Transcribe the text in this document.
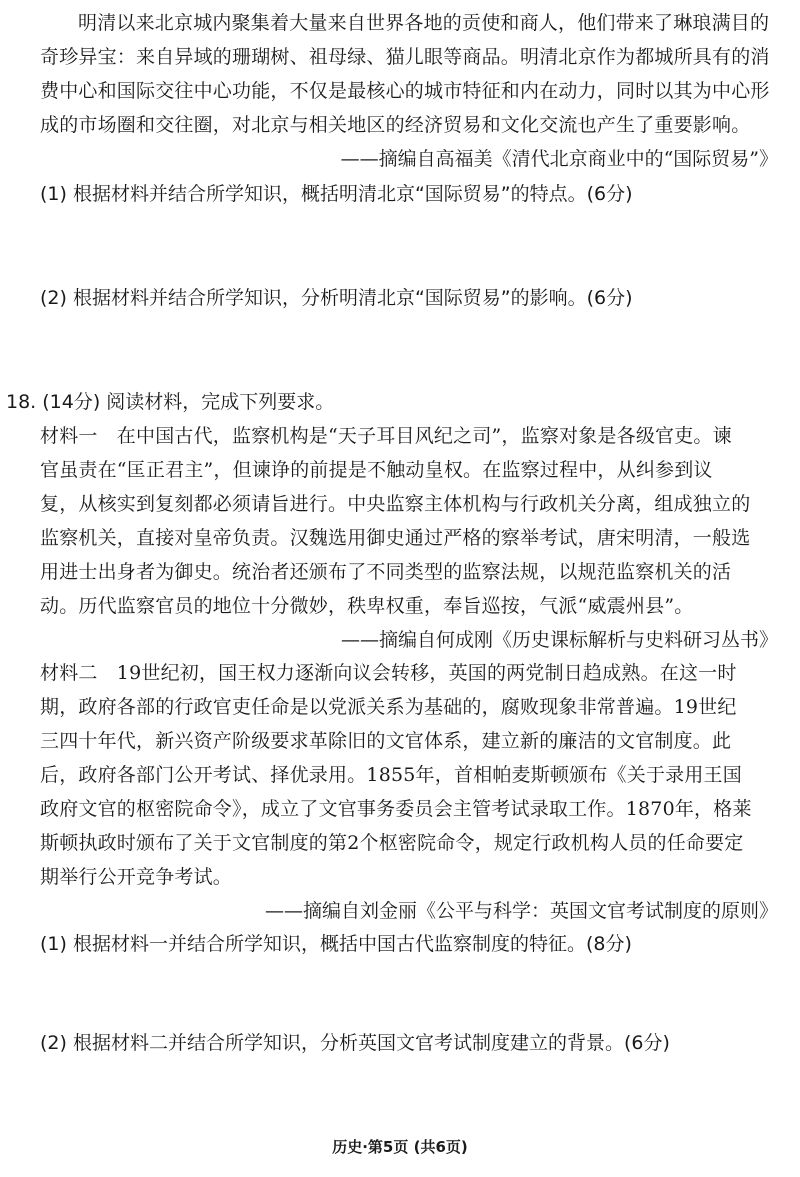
明清以来北京城内聚集着大量来自世界各地的贡使和商人，他们带来了琳琅满目的
奇珍异宝：来自异域的珊瑚树、祖母绿、猫儿眼等商品。明清北京作为都城所具有的消
费中心和国际交往中心功能，不仅是最核心的城市特征和内在动力，同时以其为中心形
成的市场圈和交往圈，对北京与相关地区的经济贸易和文化交流也产生了重要影响。
——摘编自高福美《清代北京商业中的“国际贸易”》
(1) 根据材料并结合所学知识，概括明清北京“国际贸易”的特点。(6分)
(2) 根据材料并结合所学知识，分析明清北京“国际贸易”的影响。(6分)
18. (14分) 阅读材料，完成下列要求。
材料一　在中国古代，监察机构是“天子耳目风纪之司”，监察对象是各级官吏。谏
官虽责在“匡正君主”，但谏诤的前提是不触动皇权。在监察过程中，从纠参到议
复，从核实到复刻都必须请旨进行。中央监察主体机构与行政机关分离，组成独立的
监察机关，直接对皇帝负责。汉魏选用御史通过严格的察举考试，唐宋明清，一般选
用进士出身者为御史。统治者还颁布了不同类型的监察法规，以规范监察机关的活
动。历代监察官员的地位十分微妙，秩卑权重，奉旨巡按，气派“威震州县”。
——摘编自何成刚《历史课标解析与史料研习丛书》
材料二　19世纪初，国王权力逐渐向议会转移，英国的两党制日趋成熟。在这一时
期，政府各部的行政官吏任命是以党派关系为基础的，腐败现象非常普遍。19世纪
三四十年代，新兴资产阶级要求革除旧的文官体系，建立新的廉洁的文官制度。此
后，政府各部门公开考试、择优录用。1855年，首相帕麦斯顿颁布《关于录用王国
政府文官的枢密院命令》，成立了文官事务委员会主管考试录取工作。1870年，格莱
斯顿执政时颁布了关于文官制度的第2个枢密院命令，规定行政机构人员的任命要定
期举行公开竞争考试。
——摘编自刘金丽《公平与科学：英国文官考试制度的原则》
(1) 根据材料一并结合所学知识，概括中国古代监察制度的特征。(8分)
(2) 根据材料二并结合所学知识，分析英国文官考试制度建立的背景。(6分)
历史·第5页 (共6页)
